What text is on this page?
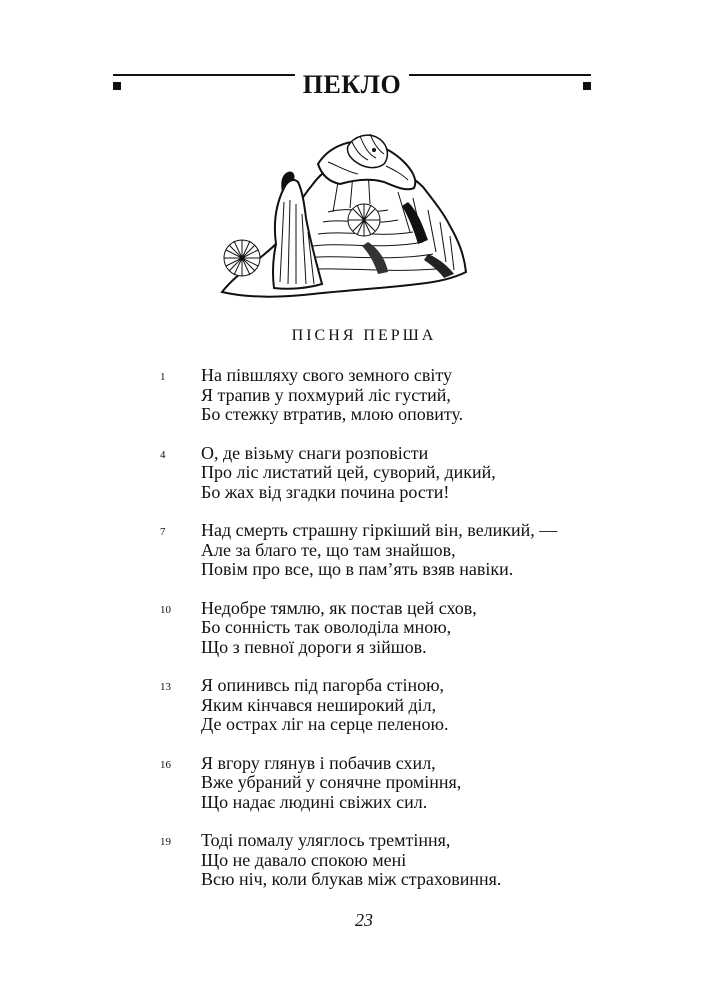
ПЕКЛО
ПІСНЯ ПЕРША
1	На півшляху свого земного світу
Я трапив у похмурий ліс густий,
Бо стежку втратив, млою оповиту.
4	О, де візьму снаги розповісти
Про ліс листатий цей, суворий, дикий,
Бо жах від згадки почина рости!
7	Над смерть страшну гіркіший він, великий, —
Але за благо те, що там знайшов,
Повім про все, що в пам’ять взяв навіки.
10	Недобре тямлю, як постав цей схов,
Бо сонність так оволоділа мною,
Що з певної дороги я зійшов.
13	Я опинивсь під пагорба стіною,
Яким кінчався неширокий діл,
Де острах ліг на серце пеленою.
16	Я вгору глянув і побачив схил,
Вже убраний у сонячне проміння,
Що надає людині свіжих сил.
19	Тоді помалу уляглось тремтіння,
Що не давало спокою мені
Всю ніч, коли блукав між страховиння.
23
